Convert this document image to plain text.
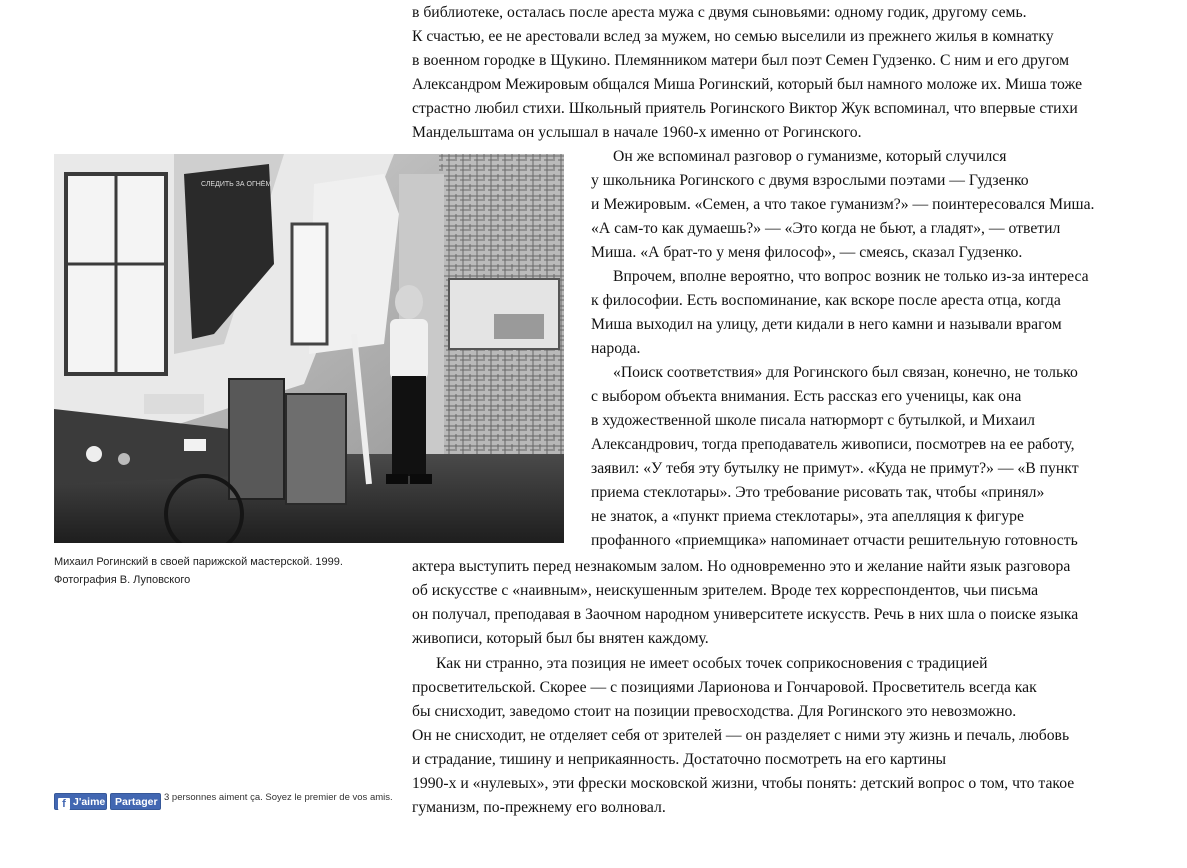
в библиотеке, осталась после ареста мужа с двумя сыновьями: одному годик, другому семь.
К счастью, ее не арестовали вслед за мужем, но семью выселили из прежнего жилья в комнатку
в военном городке в Щукино. Племянником матери был поэт Семен Гудзенко. С ним и его другом
Александром Межировым общался Миша Рогинский, который был намного моложе их. Миша тоже
страстно любил стихи. Школьный приятель Рогинского Виктор Жук вспоминал, что впервые стихи
Мандельштама он услышал в начале 1960-х именно от Рогинского.
Он же вспоминал разговор о гуманизме, который случился
у школьника Рогинского с двумя взрослыми поэтами — Гудзенко
и Межировым. «Семен, а что такое гуманизм?» — поинтересовался Миша.
«А сам-то как думаешь?» — «Это когда не бьют, а гладят», — ответил
Миша. «А брат-то у меня философ», — смеясь, сказал Гудзенко.
Впрочем, вполне вероятно, что вопрос возник не только из-за интереса
к философии. Есть воспоминание, как вскоре после ареста отца, когда
Миша выходил на улицу, дети кидали в него камни и называли врагом
народа.
«Поиск соответствия» для Рогинского был связан, конечно, не только
с выбором объекта внимания. Есть рассказ его ученицы, как она
в художественной школе писала натюрморт с бутылкой, и Михаил
Александрович, тогда преподаватель живописи, посмотрев на ее работу,
заявил: «У тебя эту бутылку не примут». «Куда не примут?» — «В пункт
приема стеклотары». Это требование рисовать так, чтобы «принял»
не знаток, а «пункт приема стеклотары», эта апелляция к фигуре
профанного «приемщика» напоминает отчасти решительную готовность
актера выступить перед незнакомым залом. Но одновременно это и желание найти язык разговора
об искусстве с «наивным», неискушенным зрителем. Вроде тех корреспондентов, чьи письма
он получал, преподавая в Заочном народном университете искусств. Речь в них шла о поиске языка
живописи, который был бы внятен каждому.
Как ни странно, эта позиция не имеет особых точек соприкосновения с традицией
просветительской. Скорее — с позициями Ларионова и Гончаровой. Просветитель всегда как
бы снисходит, заведомо стоит на позиции превосходства. Для Рогинского это невозможно.
Он не снисходит, не отделяет себя от зрителей — он разделяет с ними эту жизнь и печаль, любовь
и страдание, тишину и неприкаянность. Достаточно посмотреть на его картины
1990-х и «нулевых», эти фрески московской жизни, чтобы понять: детский вопрос о том, что такое
гуманизм, по-прежнему его волновал.
СЛЕДИТЬ ЗА ОГНЁМ
Михаил Рогинский в своей парижской мастерской. 1999.
Фотография В. Луповского
f J'aime Partager 3 personnes aiment ça. Soyez le premier de vos amis.
